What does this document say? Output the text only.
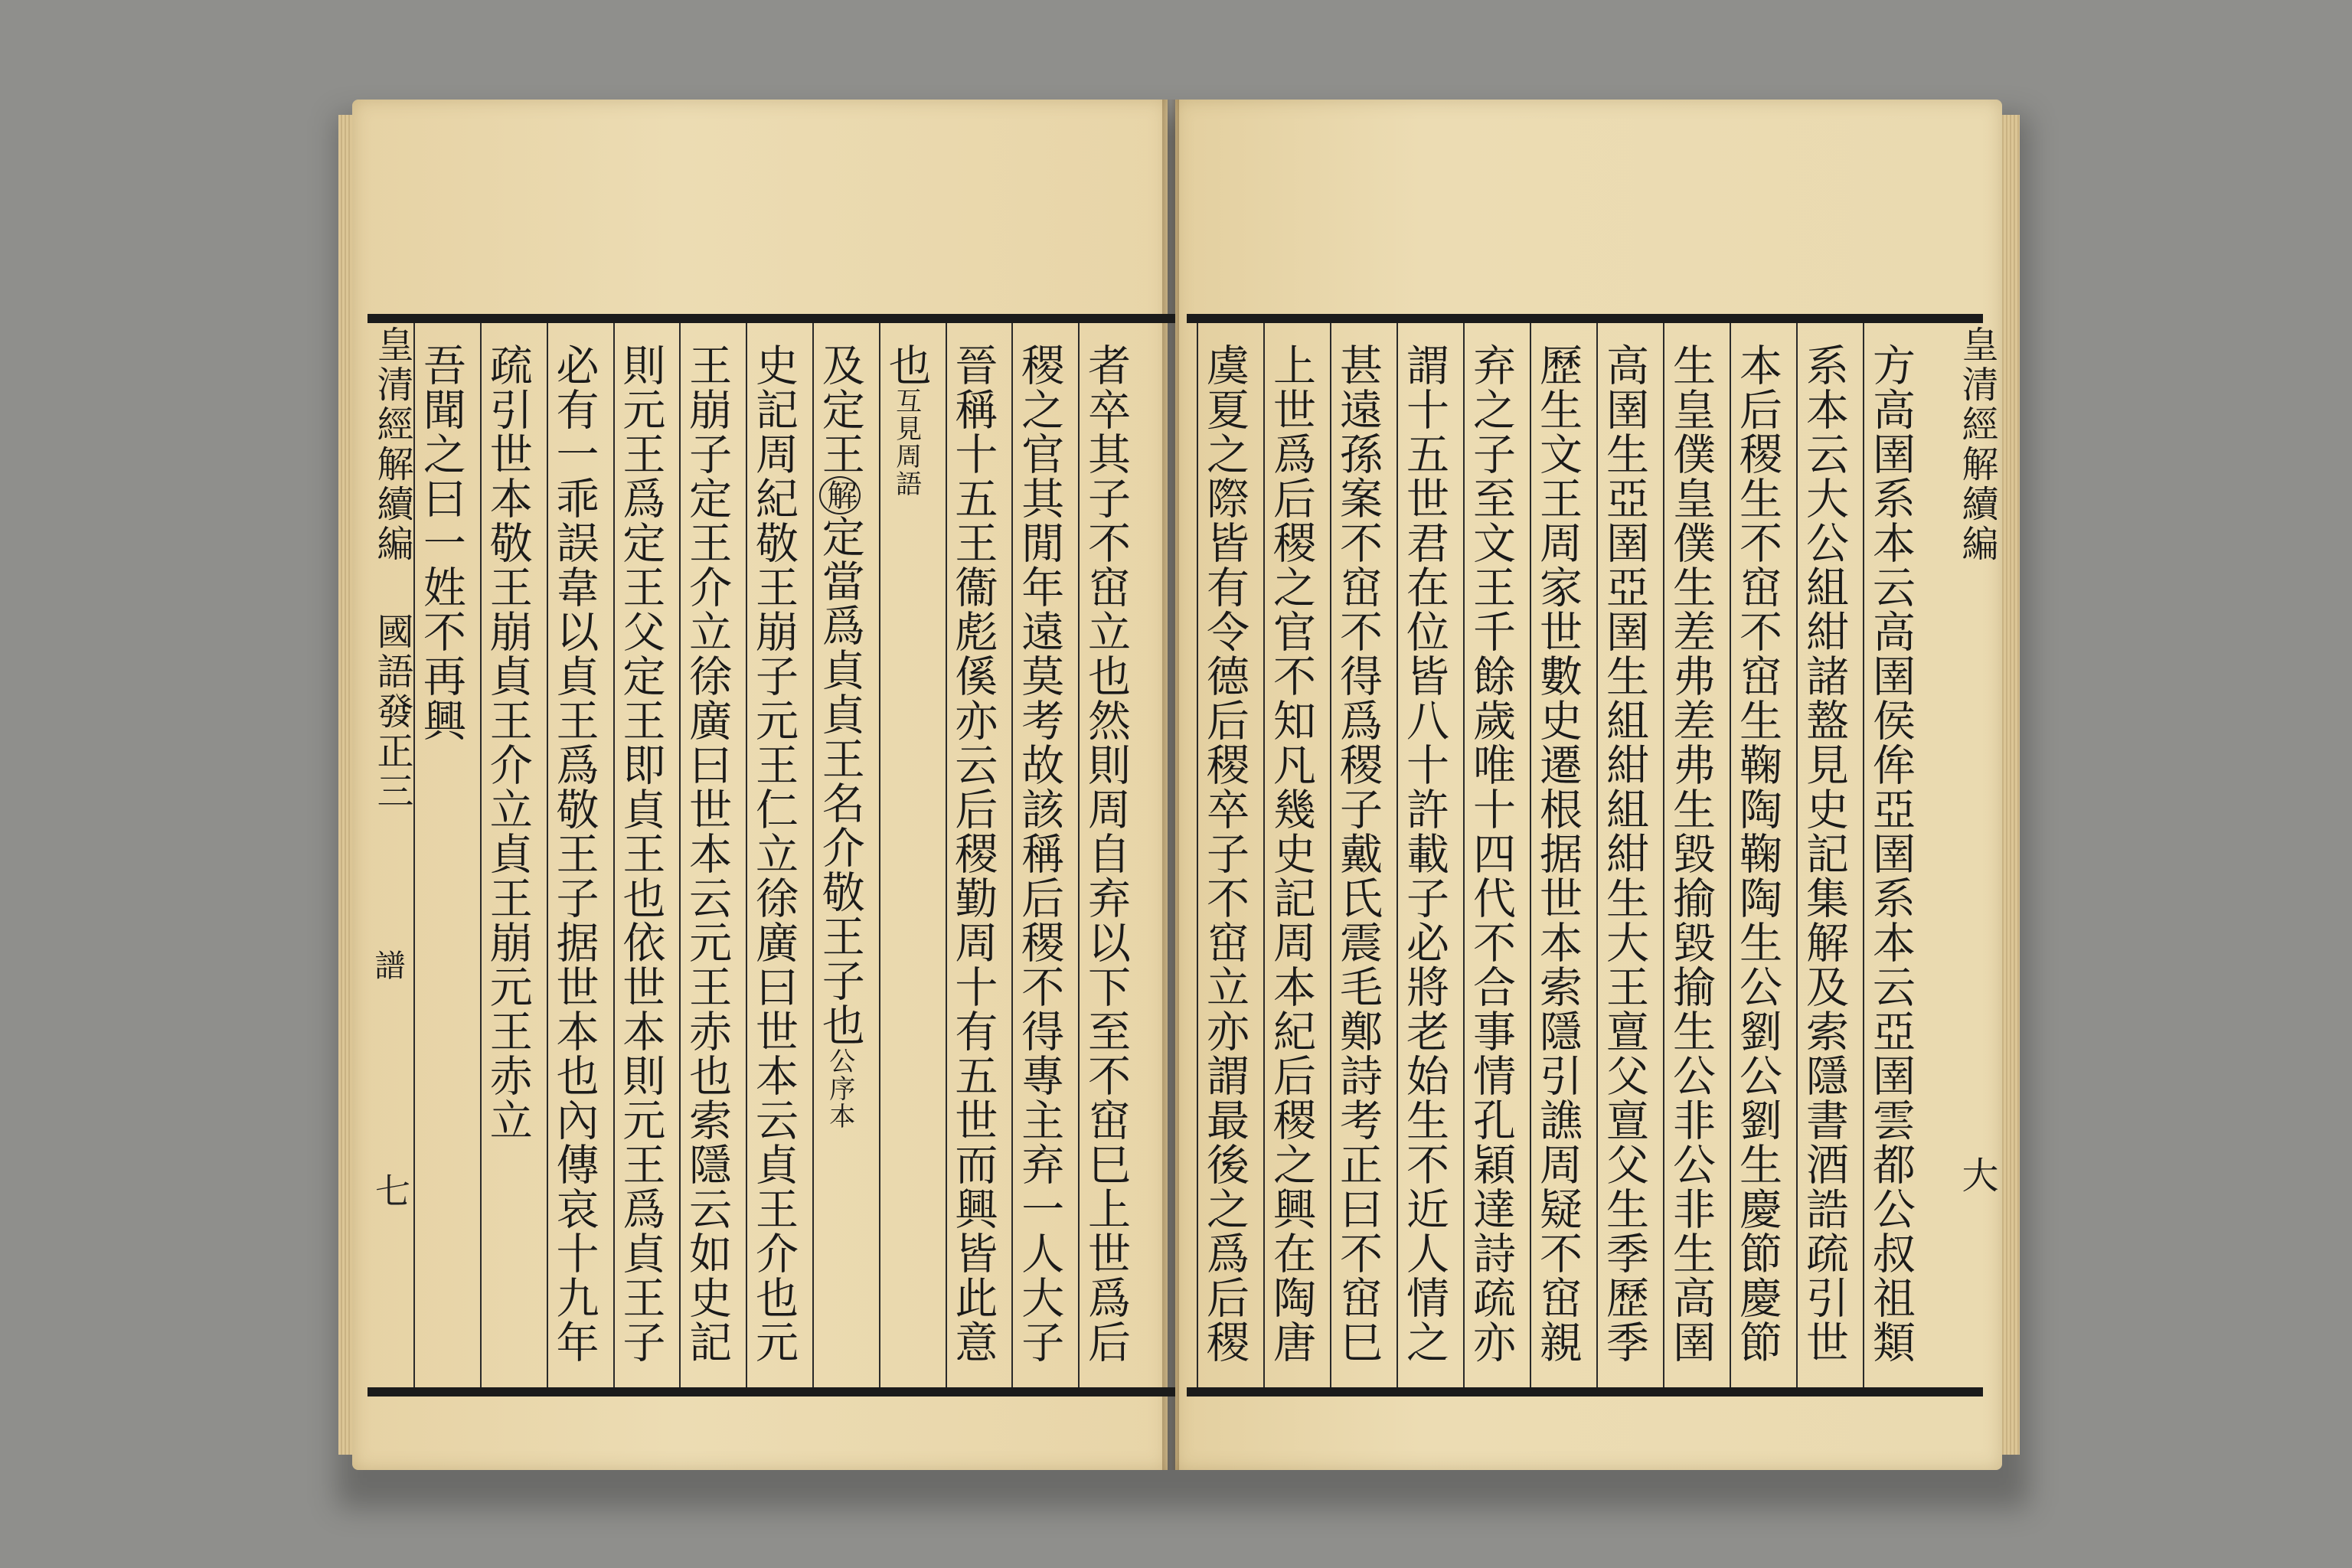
皇清經解續編
國語發正三
譜
七	者卒其子不窋立也然則周自弃以下至不窋巳上世爲后
稷之官其閒年遠莫考故該稱后稷不得專主弃一人大子
晉稱十五王衞彪傒亦云后稷勤周十有五世而興皆此意
也互見周語
及定王解定當爲貞貞王名介敬王子也公序本
史記周紀敬王崩子元王仁立徐廣曰世本云貞王介也元
王崩子定王介立徐廣曰世本云元王赤也索隱云如史記
則元王爲定王父定王即貞王也依世本則元王爲貞王子
必有一乖誤韋以貞王爲敬王子据世本也內傳哀十九年
疏引世本敬王崩貞王介立貞王崩元王赤立
吾聞之曰一姓不再興	皇清經解續編
大
方高圉系本云高圉侯侔亞圉系本云亞圉雲都公叔祖類
系本云大公組紺諸盩見史記集解及索隱書酒誥疏引世
本后稷生不窋不窋生鞠陶鞠陶生公劉公劉生慶節慶節
生皇僕皇僕生差弗差弗生毀揄毀揄生公非公非生高圉
高圉生亞圉亞圉生組紺組紺生大王亶父亶父生季歷季
歷生文王周家世數史遷根据世本索隱引譙周疑不窋親
弃之子至文王千餘歲唯十四代不合事情孔穎達詩疏亦
謂十五世君在位皆八十許載子必將老始生不近人情之
甚遠孫案不窋不得爲稷子戴氏震毛鄭詩考正曰不窋巳
上世爲后稷之官不知凡幾史記周本紀后稷之興在陶唐
虞夏之際皆有令德后稷卒子不窋立亦謂最後之爲后稷
